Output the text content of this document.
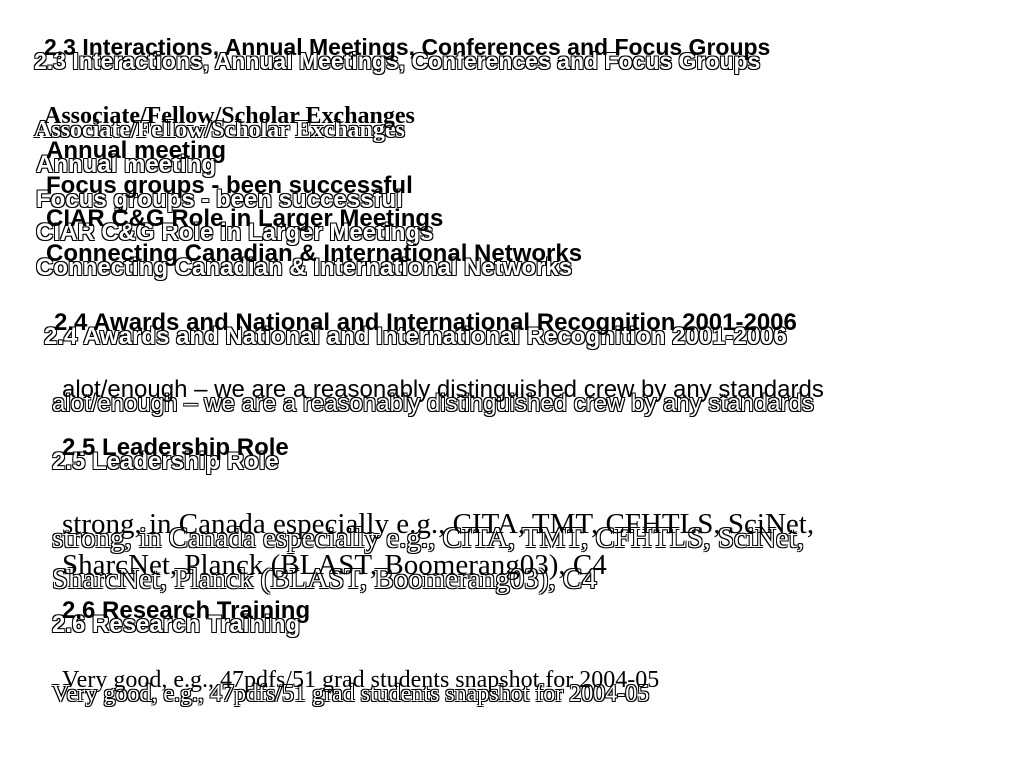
2.3 Interactions, Annual Meetings, Conferences and Focus Groups

Associate/Fellow/Scholar Exchanges

Annual meeting

Focus groups - been successful

CIAR C&G Role in Larger Meetings

Connecting Canadian & International Networks

2.4 Awards and National and International Recognition 2001-2006

alot/enough – we are a reasonably distinguished crew by any standards

2.5 Leadership Role

strong, in Canada especially e.g., CITA, TMT, CFHTLS, SciNet,

SharcNet, Planck (BLAST, Boomerang03), C4

2.6 Research Training

Very good, e.g., 47pdfs/51 grad students snapshot for 2004-05
